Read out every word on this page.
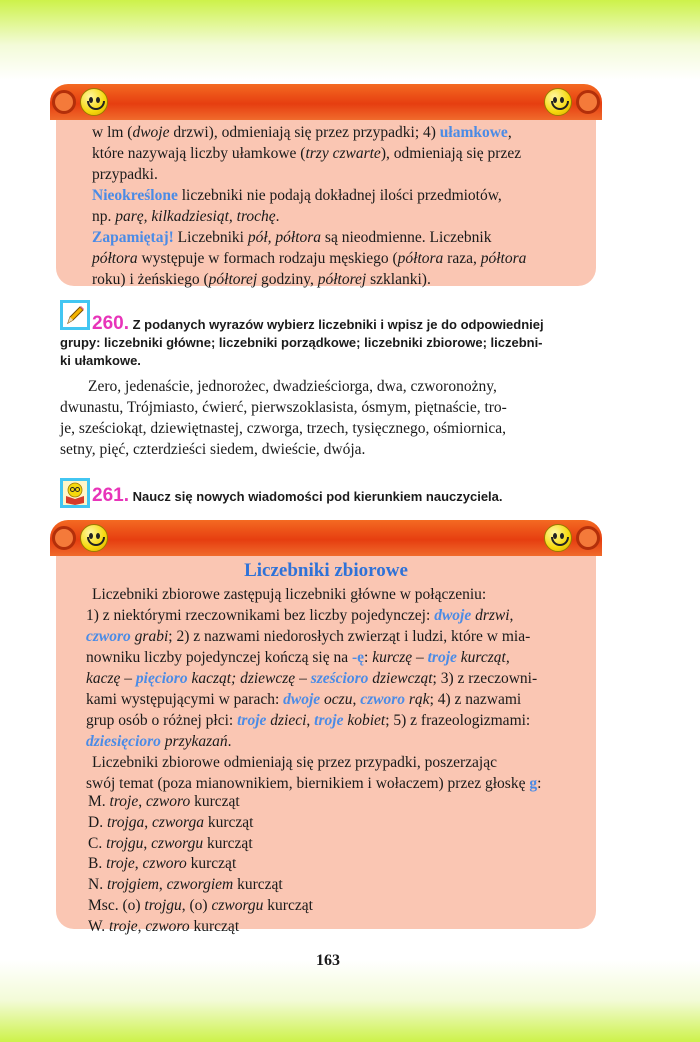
w lm (dwoje drzwi), odmieniają się przez przypadki; 4) ułamkowe,

które nazywają liczby ułamkowe (trzy czwarte), odmieniają się przez

przypadki.

Nieokreślone liczebniki nie podają dokładnej ilości przedmiotów,

np. parę, kilkadziesiąt, trochę.

Zapamiętaj! Liczebniki pół, półtora są nieodmienne. Liczebnik

półtora występuje w formach rodzaju męskiego (półtora raza, półtora

roku) i żeńskiego (półtorej godziny, półtorej szklanki).

260. Z podanych wyrazów wybierz liczebniki i wpisz je do odpowiedniej
grupy: liczebniki główne; liczebniki porządkowe; liczebniki zbiorowe; liczebni-
ki ułamkowe.

Zero, jedenaście, jednorożec, dwadzieściorga, dwa, czworonożny,

dwunastu, Trójmiasto, ćwierć, pierwszoklasista, ósmym, piętnaście, tro-

je, sześciokąt, dziewiętnastej, czworga, trzech, tysięcznego, ośmiornica,

setny, pięć, czterdzieści siedem, dwieście, dwója.

261. Naucz się nowych wiadomości pod kierunkiem nauczyciela.
Liczebniki zbiorowe

Liczebniki zbiorowe zastępują liczebniki główne w połączeniu:

1) z niektórymi rzeczownikami bez liczby pojedynczej: dwoje drzwi,

czworo grabi; 2) z nazwami niedorosłych zwierząt i ludzi, które w mia-

nowniku liczby pojedynczej kończą się na -ę: kurczę – troje kurcząt,

kaczę – pięcioro kacząt; dziewczę – sześcioro dziewcząt; 3) z rzeczowni-

kami występującymi w parach: dwoje oczu, czworo rąk; 4) z nazwami

grup osób o różnej płci: troje dzieci, troje kobiet; 5) z frazeologizmami:

dziesięcioro przykazań.

Liczebniki zbiorowe odmieniają się przez przypadki, poszerzając

swój temat (poza mianownikiem, biernikiem i wołaczem) przez głoskę g:

M. troje, czworo kurcząt
D. trojga, czworga kurcząt
C. trojgu, czworgu kurcząt
B. troje, czworo kurcząt
N. trojgiem, czworgiem kurcząt
Msc. (o) trojgu, (o) czworgu kurcząt
W. troje, czworo kurcząt
163
